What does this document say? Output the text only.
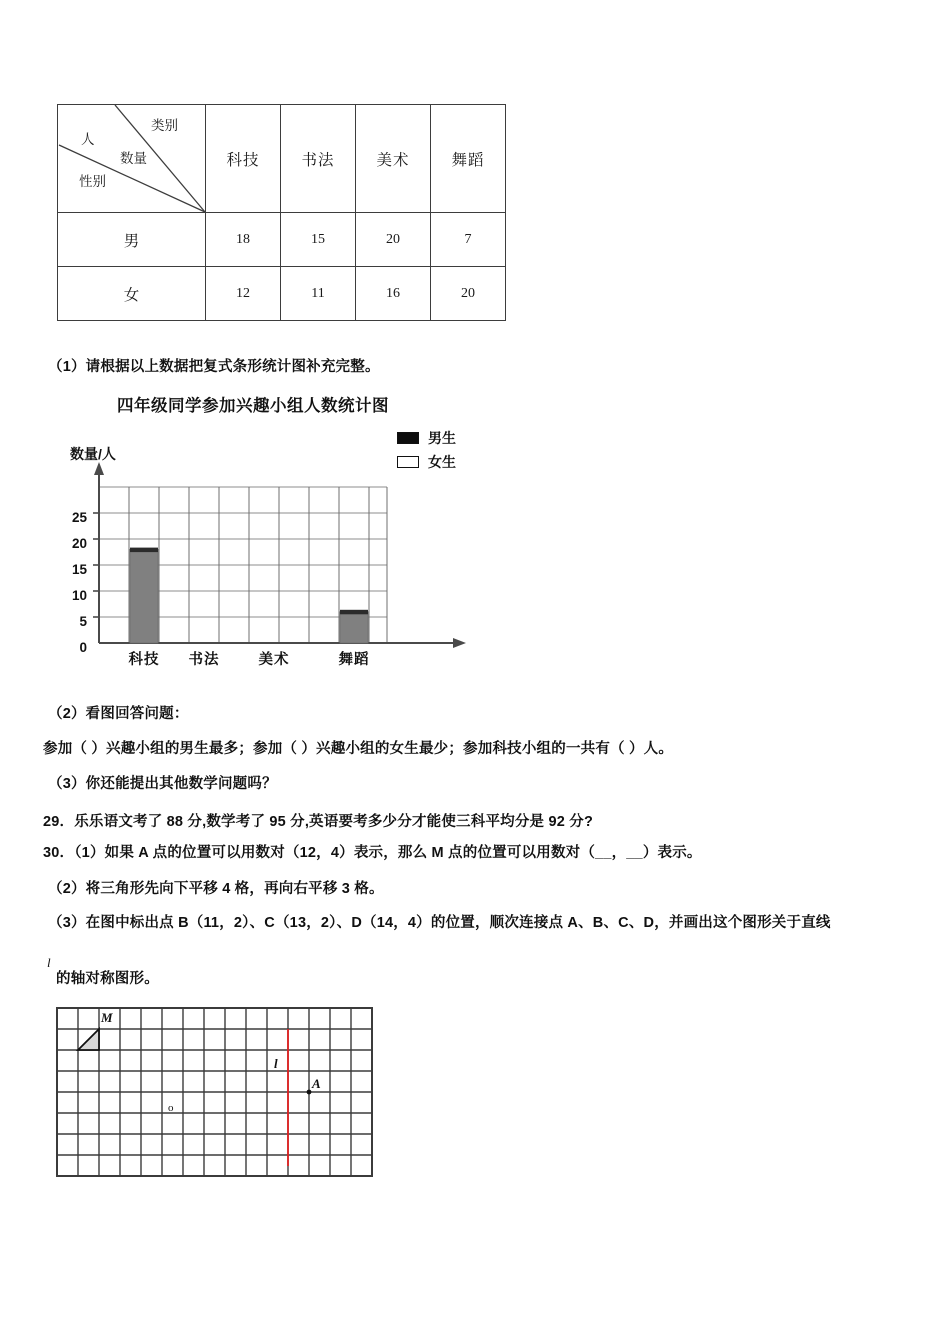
类别
数量
人
性别	科技	书法	美术	舞蹈
男	18	15	20	7
女	12	11	16	20
（1）请根据以上数据把复式条形统计图补充完整。
四年级同学参加兴趣小组人数统计图
数量/人
男生
女生
0
5
10
15
20
25
科技	书法	美术	舞蹈
（2）看图回答问题：
参加（ ）兴趣小组的男生最多；参加（ ）兴趣小组的女生最少；参加科技小组的一共有（ ）人。
（3）你还能提出其他数学问题吗？
29．乐乐语文考了 88 分,数学考了 95 分,英语要考多少分才能使三科平均分是 92 分?
30．（1）如果 A 点的位置可以用数对（12，4）表示，那么 M 点的位置可以用数对（__，__）表示。
（2）将三角形先向下平移 4 格，再向右平移 3 格。
（3）在图中标出点 B（11，2）、C（13，2）、D（14，4）的位置，顺次连接点 A、B、C、D，并画出这个图形关于直线
l
的轴对称图形。
M
A
l
o
